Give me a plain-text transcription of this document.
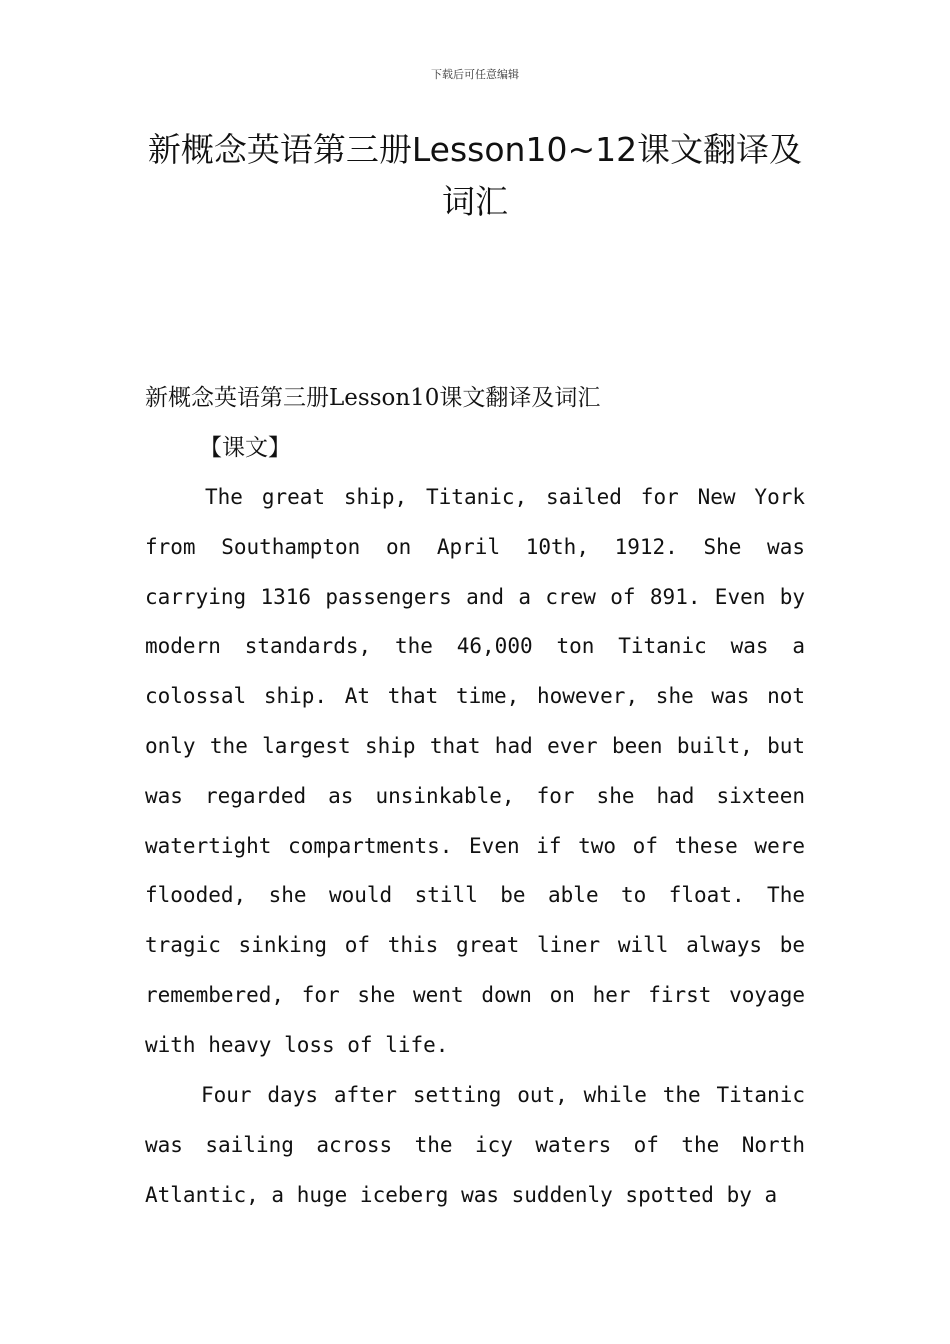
下载后可任意编辑
新概念英语第三册Lesson10~12课文翻译及词汇
新概念英语第三册Lesson10课文翻译及词汇
【课文】

The great ship, Titanic, sailed for New York from Southampton on April 10th, 1912. She was carrying 1316 passengers and a crew of 891. Even by modern standards, the 46,000 ton Titanic was a colossal ship. At that time, however, she was not only the largest ship that had ever been built, but was regarded as unsinkable, for she had sixteen watertight compartments. Even if two of these were flooded, she would still be able to float. The tragic sinking of this great liner will always be remembered, for she went down on her first voyage with heavy loss of life.

Four days after setting out, while the Titanic was sailing across the icy waters of the North Atlantic, a huge iceberg was suddenly spotted by a
